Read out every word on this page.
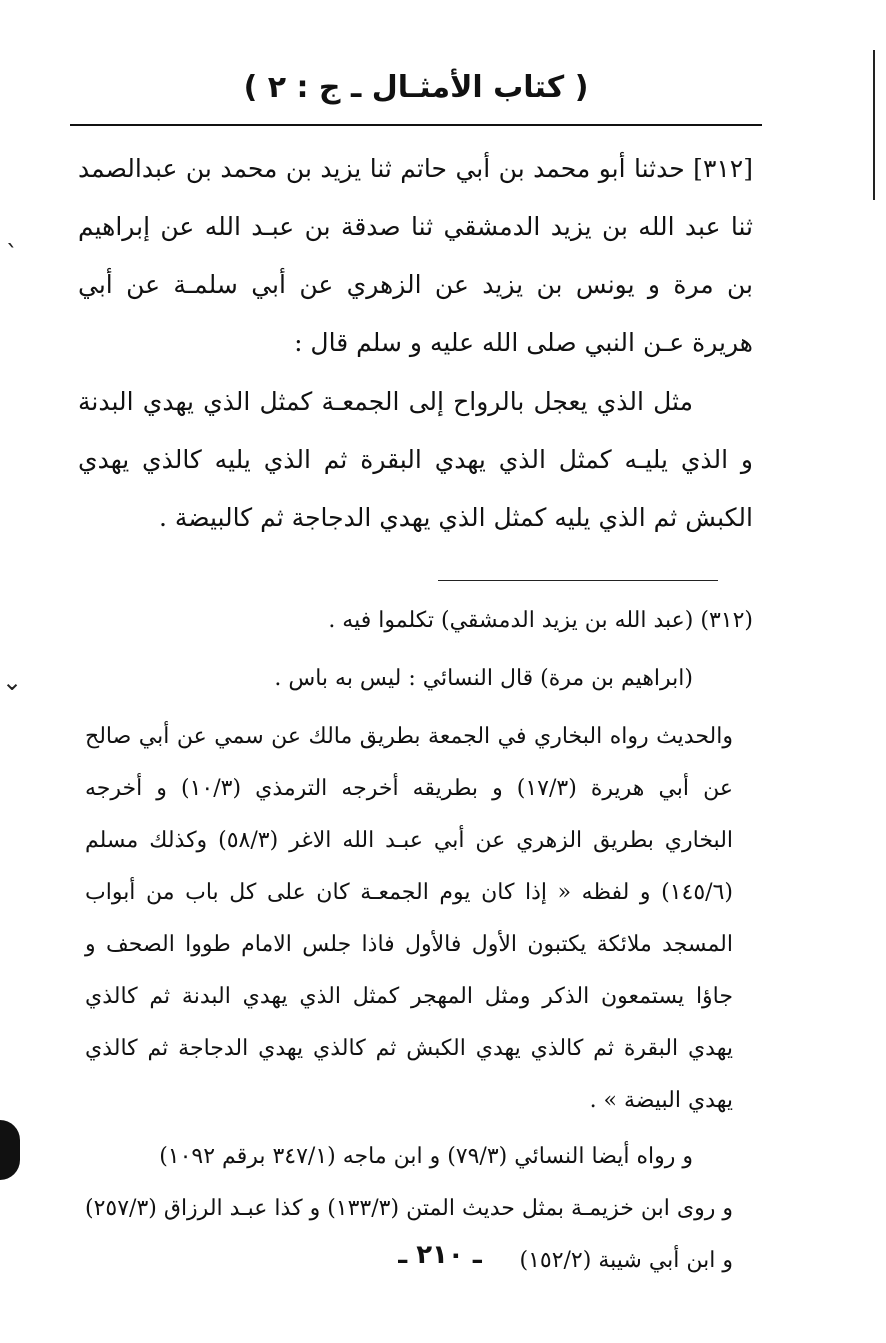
ˎ
⌄
( كتاب الأمثـال ـ ج : ٢ )
[٣١٢] حدثنا أبو محمد بن أبي حاتم ثنا يزيد بن محمد بن عبدالصمد ثنا عبد الله بن يزيد الدمشقي ثنا صدقة بن عبـد الله عن إبراهيم بن مرة و يونس بن يزيد عن الزهري عن أبي سلمـة عن أبي هريرة عـن النبي صلى الله عليه و سلم قال :
مثل الذي يعجل بالرواح إلى الجمعـة كمثل الذي يهدي البدنة و الذي يليـه كمثل الذي يهدي البقرة ثم الذي يليه كالذي يهدي الكبش ثم الذي يليه كمثل الذي يهدي الدجاجة ثم كالبيضة .

(٣١٢) (عبد الله بن يزيد الدمشقي) تكلموا فيه .

(ابراهيم بن مرة) قال النسائي : ليس به باس .

والحديث رواه البخاري في الجمعة بطريق مالك عن سمي عن أبي صالح عن أبي هريرة (١٧/٣) و بطريقه أخرجه الترمذي (١٠/٣) و أخرجه البخاري بطريق الزهري عن أبي عبـد الله الاغر (٥٨/٣) وكذلك مسلم (١٤٥/٦) و لفظه « إذا كان يوم الجمعـة كان على كل باب من أبواب المسجد ملائكة يكتبون الأول فالأول فاذا جلس الامام طووا الصحف و جاؤا يستمعون الذكر ومثل المهجر كمثل الذي يهدي البدنة ثم كالذي يهدي البقرة ثم كالذي يهدي الكبش ثم كالذي يهدي الدجاجة ثم كالذي يهدي البيضة » .

و رواه أيضا النسائي (٧٩/٣) و ابن ماجه (٣٤٧/١ برقم ١٠٩٢)

و روى ابن خزيمـة بمثل حديث المتن (١٣٣/٣) و كذا عبـد الرزاق (٢٥٧/٣) و ابن أبي شيبة (١٥٢/٢)

ـ ٢١٠ ـ
